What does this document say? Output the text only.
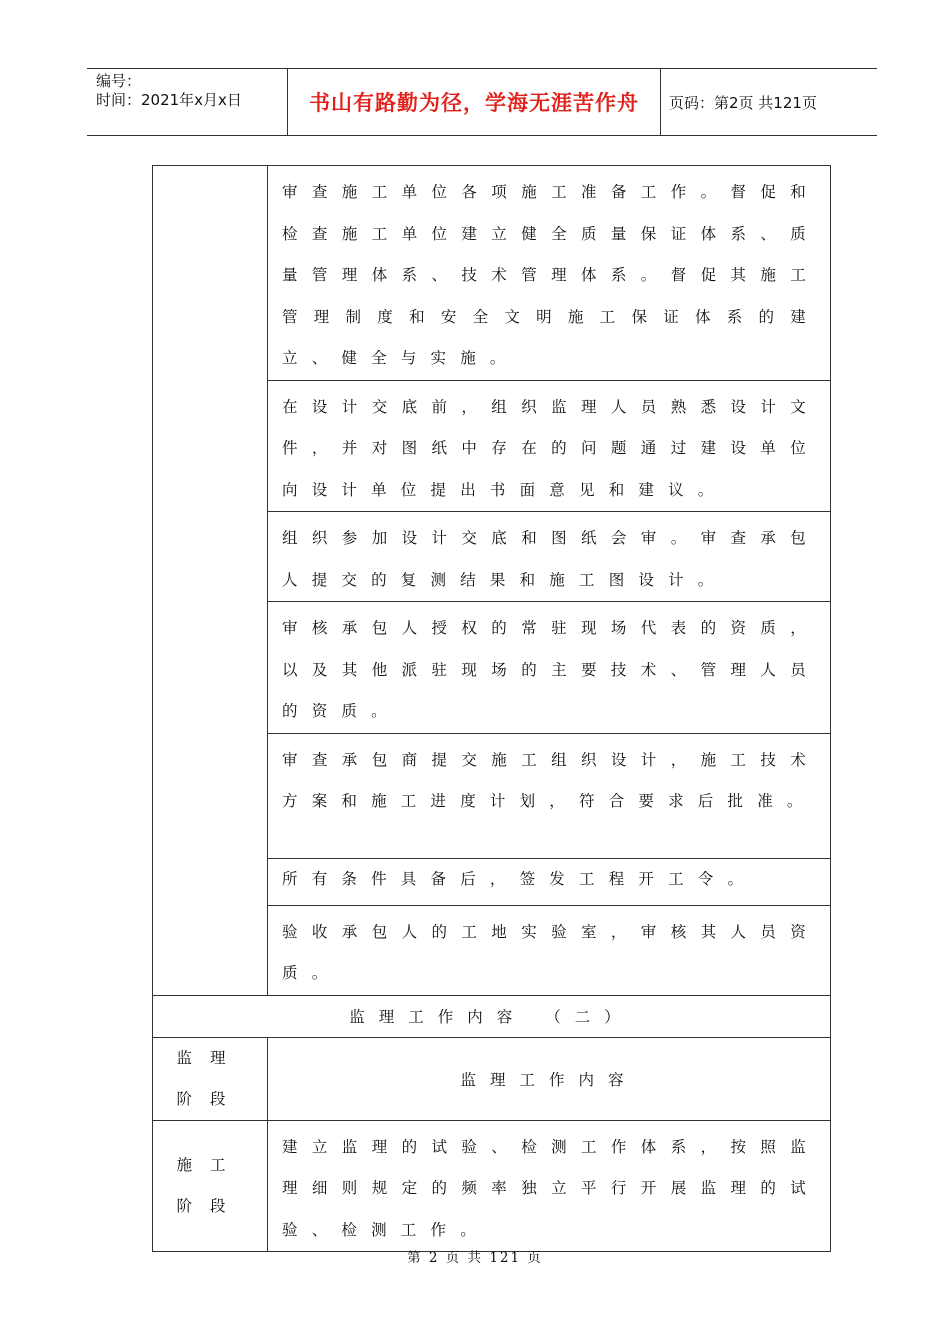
编号：
时间：2021年x月x日	书山有路勤为径，学海无涯苦作舟	页码：第2页 共121页

	审查施工单位各项施工准备工作。督促和检查施工单位建立健全质量保证体系、质量管理体系、技术管理体系。督促其施工管理制度和安全文明施工保证体系的建立、健全与实施。

	在设计交底前，组织监理人员熟悉设计文件，并对图纸中存在的问题通过建设单位向设计单位提出书面意见和建议。

	组织参加设计交底和图纸会审。审查承包人提交的复测结果和施工图设计。

	审核承包人授权的常驻现场代表的资质，以及其他派驻现场的主要技术、管理人员的资质。

	审查承包商提交施工组织设计，施工技术方案和施工进度计划，符合要求后批准。

	所有条件具备后，签发工程开工令。

	验收承包人的工地实验室，审核其人员资质。

监理工作内容 （二）	

监理
阶段	监理工作内容

施工
阶段	建立监理的试验、检测工作体系，按照监理细则规定的频率独立平行开展监理的试验、检测工作。
第 2 页 共 121 页
